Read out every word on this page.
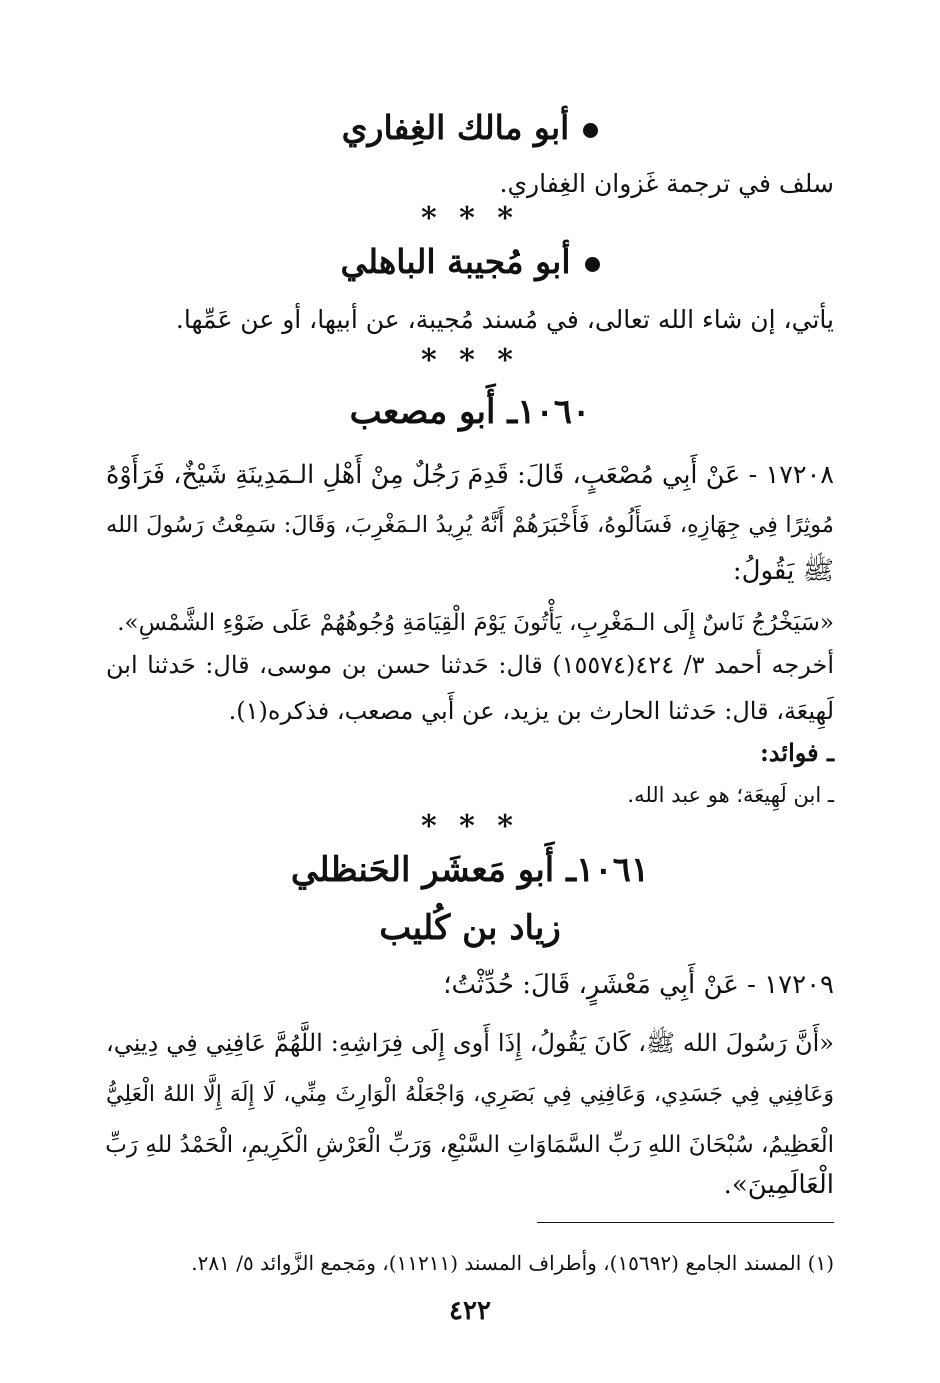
أبو مالك الغِفاري
سلف في ترجمة غَزوان الغِفاري.
* * *
أبو مُجيبة الباهلي
يأتي، إن شاء الله تعالى، في مُسند مُجيبة، عن أبيها، أو عن عَمِّها.
* * *
١٠٦٠ـ أَبو مصعب
١٧٢٠٨ - عَنْ أَبِي مُصْعَبٍ، قَالَ: قَدِمَ رَجُلٌ مِنْ أَهْلِ الـمَدِينَةِ شَيْخٌ، فَرَأَوْهُ
مُوثِرًا فِي جِهَازِهِ، فَسَأَلُوهُ، فَأَخْبَرَهُمْ أَنَّهُ يُرِيدُ الـمَغْرِبَ، وَقَالَ: سَمِعْتُ رَسُولَ الله
ﷺ يَقُولُ:
«سَيَخْرُجُ نَاسٌ إِلَى الـمَغْرِبِ، يَأْتُونَ يَوْمَ الْقِيَامَةِ وُجُوهُهُمْ عَلَى ضَوْءِ الشَّمْسِ».
أخرجه أحمد ٣/ ٤٢٤(١٥٥٧٤) قال: حَدثنا حسن بن موسى، قال: حَدثنا ابن
لَهِيعَة، قال: حَدثنا الحارث بن يزيد، عن أَبي مصعب، فذكره(١).
ـ فوائد:
ـ ابن لَهِيعَة؛ هو عبد الله.
* * *
١٠٦١ـ أَبو مَعشَر الحَنظلي
زياد بن كُليب
١٧٢٠٩ - عَنْ أَبِي مَعْشَرٍ، قَالَ: حُدِّثْتُ؛
«أَنَّ رَسُولَ الله ﷺ، كَانَ يَقُولُ، إِذَا أَوى إِلَى فِرَاشِهِ: اللَّهُمَّ عَافِنِي فِي دِينِي،
وَعَافِنِي فِي جَسَدِي، وَعَافِنِي فِي بَصَرِي، وَاجْعَلْهُ الْوَارِثَ مِنِّي، لَا إِلَهَ إِلَّا اللهُ الْعَلِيُّ
الْعَظِيمُ، سُبْحَانَ اللهِ رَبِّ السَّمَاوَاتِ السَّبْعِ، وَرَبِّ الْعَرْشِ الْكَرِيمِ، الْحَمْدُ للهِ رَبِّ
الْعَالَمِينَ».
(١) المسند الجامع (١٥٦٩٢)، وأطراف المسند (١١٢١١)، ومَجمع الزَّوائد ٥/ ٢٨١.
٤٢٢
